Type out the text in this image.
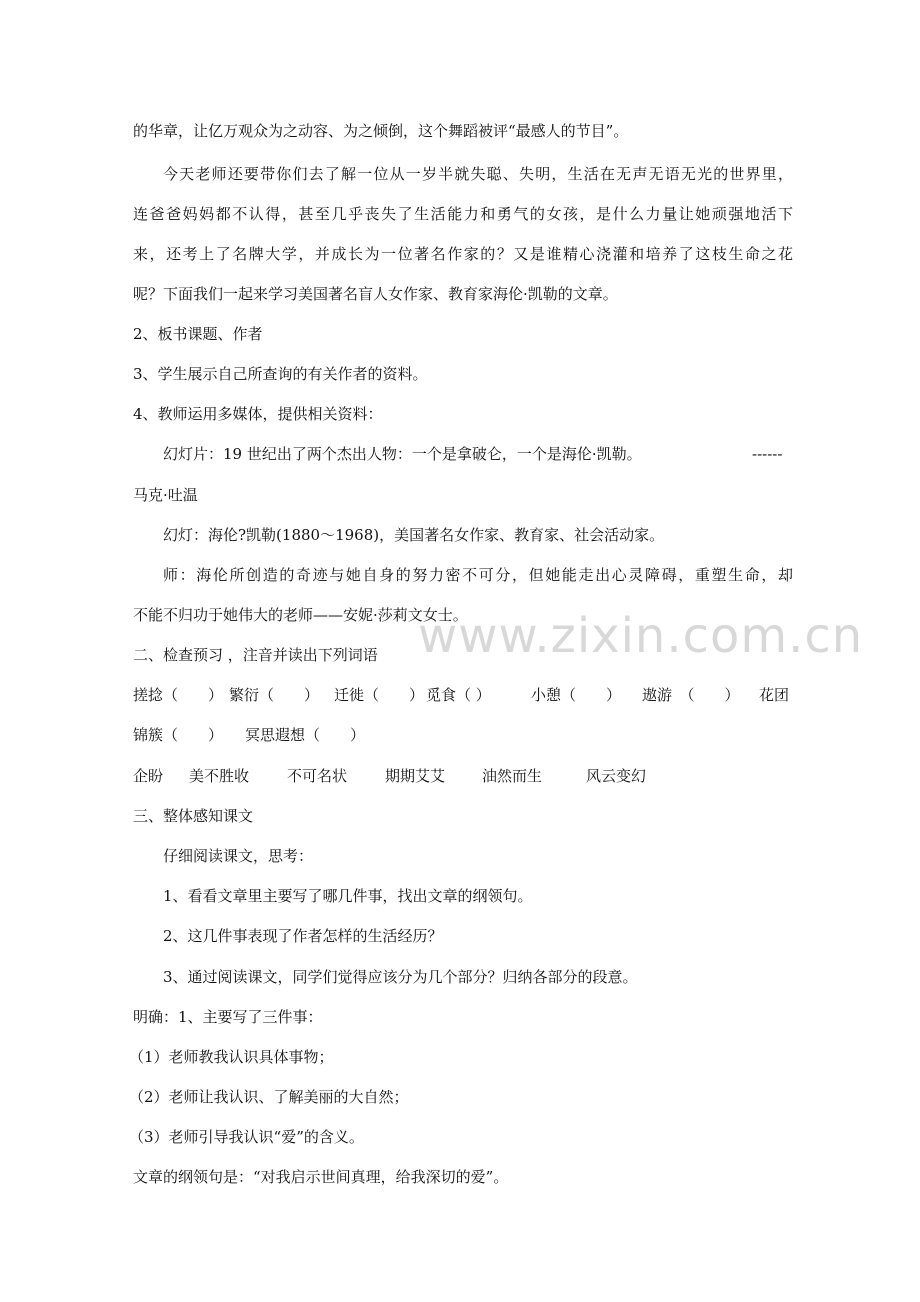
www.zixin.com.cn
的华章，让亿万观众为之动容、为之倾倒，这个舞蹈被评“最感人的节目”。
今天老师还要带你们去了解一位从一岁半就失聪、失明，生活在无声无语无光的世界里，
连爸爸妈妈都不认得，甚至几乎丧失了生活能力和勇气的女孩，是什么力量让她顽强地活下
来，还考上了名牌大学，并成长为一位著名作家的？又是谁精心浇灌和培养了这枝生命之花
呢？下面我们一起来学习美国著名盲人女作家、教育家海伦·凯勒的文章。
2、板书课题、作者
3、学生展示自己所查询的有关作者的资料。
4、教师运用多媒体，提供相关资料：
幻灯片：19 世纪出了两个杰出人物：一个是拿破仑，一个是海伦·凯勒。	------
马克·吐温
幻灯：海伦?凯勒(1880～1968)，美国著名女作家、教育家、社会活动家。
师：海伦所创造的奇迹与她自身的努力密不可分，但她能走出心灵障碍，重塑生命，却
不能不归功于她伟大的老师——安妮·莎莉文女士。
二、检查预习 ，注音并读出下列词语
搓捻（　　） 繁衍（　　） 迁徙（　　） 觅食（ ）	小憩（　　） 遨游　（　　） 花团
锦簇（　　） 冥思遐想（　　）
企盼 美不胜收	不可名状	期期艾艾 油然而生	风云变幻
三、整体感知课文
仔细阅读课文，思考：
1、看看文章里主要写了哪几件事，找出文章的纲领句。
2、这几件事表现了作者怎样的生活经历？
3、通过阅读课文，同学们觉得应该分为几个部分？归纳各部分的段意。
明确：1、主要写了三件事：
（1）老师教我认识具体事物；
（2）老师让我认识、了解美丽的大自然；
（3）老师引导我认识“爱”的含义。
文章的纲领句是：“对我启示世间真理，给我深切的爱”。
